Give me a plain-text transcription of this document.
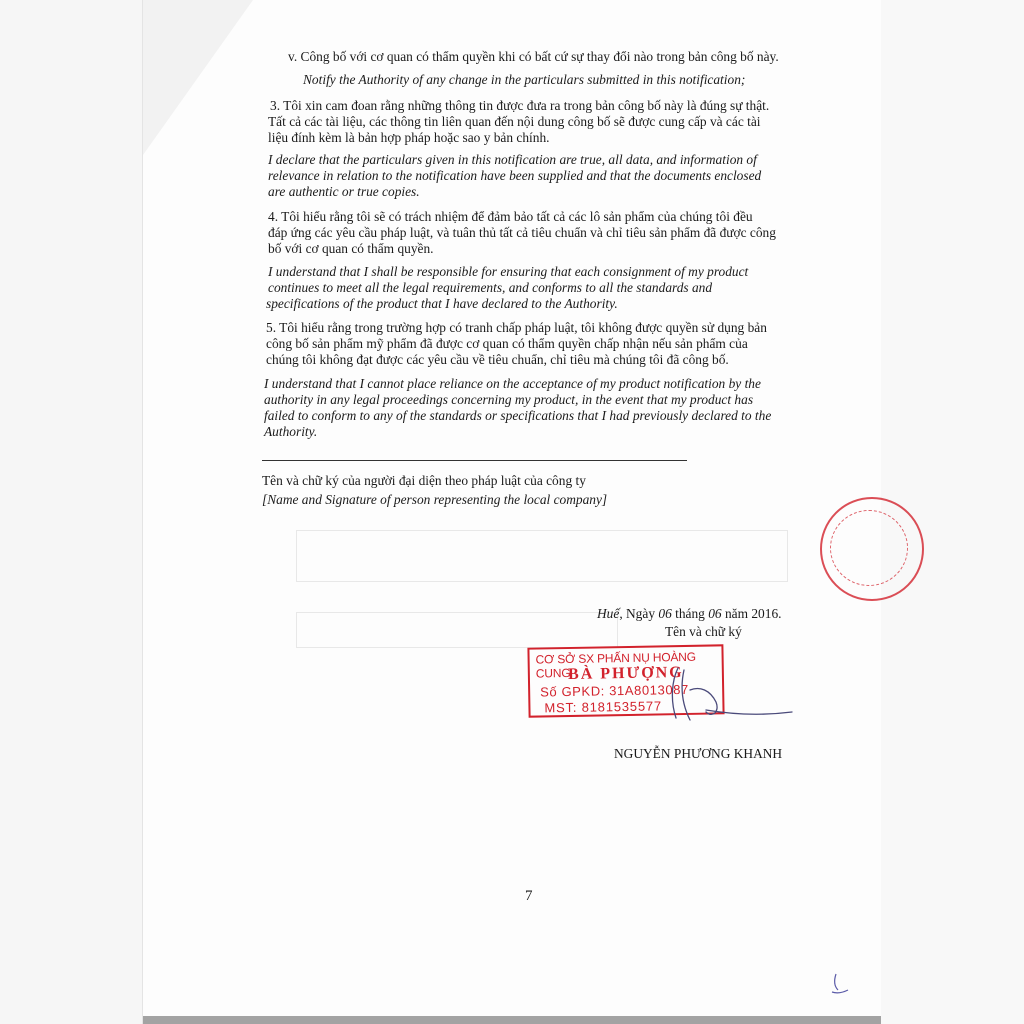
v. Công bố với cơ quan có thẩm quyền khi có bất cứ sự thay đổi nào trong bản công bố này.
Notify the Authority of any change in the particulars submitted in this notification;
3. Tôi xin cam đoan rằng những thông tin được đưa ra trong bản công bố này là đúng sự thật.
Tất cả các tài liệu, các thông tin liên quan đến nội dung công bố sẽ được cung cấp và các tài
liệu đính kèm là bản hợp pháp hoặc sao y bản chính.
I declare that the particulars given in this notification are true, all data, and information of
relevance in relation to the notification have been supplied and that the documents enclosed
are authentic or true copies.
4. Tôi hiểu rằng tôi sẽ có trách nhiệm để đảm bảo tất cả các lô sản phẩm của chúng tôi đều
đáp ứng các yêu cầu pháp luật, và tuân thủ tất cả tiêu chuẩn và chỉ tiêu sản phẩm đã được công
bố với cơ quan có thẩm quyền.
I understand that I shall be responsible for ensuring that each consignment of my product
continues to meet all the legal requirements, and conforms to all the standards and
specifications of the product that I have declared to the Authority.
5. Tôi hiểu rằng trong trường hợp có tranh chấp pháp luật, tôi không được quyền sử dụng bản
công bố sản phẩm mỹ phẩm đã được cơ quan có thẩm quyền chấp nhận nếu sản phẩm của
chúng tôi không đạt được các yêu cầu về tiêu chuẩn, chỉ tiêu mà chúng tôi đã công bố.
I understand that I cannot place reliance on the acceptance of my product notification by the
authority in any legal proceedings concerning my product, in the event that my product has
failed to conform to any of the standards or specifications that I had previously declared to the
Authority.
Tên và chữ ký của người đại diện theo pháp luật của công ty
[Name and Signature of person representing the local company]
Huế, Ngày 06 tháng 06 năm 2016.
Tên và chữ ký
CƠ SỞ SX PHẤN NỤ HOÀNG CUNG
BÀ PHƯỢNG
Số GPKD: 31A8013087
MST: 8181535577
NGUYỄN PHƯƠNG KHANH
7
